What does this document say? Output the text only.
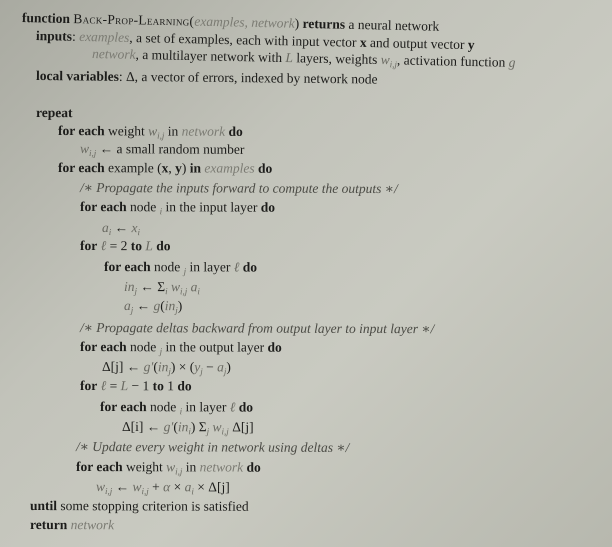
function Back-Prop-Learning(examples, network) returns a neural network
inputs: examples, a set of examples, each with input vector x and output vector y
network, a multilayer network with L layers, weights $w_{i,j}$, activation function g
local variables: Δ, a vector of errors, indexed by network node
repeat
for each weight $w_{i,j}$ in network do
$w_{i,j}$ ← a small random number
for each example (x, y) in examples do
/∗ Propagate the inputs forward to compute the outputs ∗/
for each node $_i$ in the input layer do
$a_i$ ← $x_i$
for ℓ = 2 to L do
for each node $_j$ in layer ℓ do
$in_j$ ← $\Sigma_i$ $w_{i,j}$ $a_i$
$a_j$ ← $g(in_j)$
/∗ Propagate deltas backward from output layer to input layer ∗/
for each node $_j$ in the output layer do
Δ[j] ← $g'(in_j) \times (y_j - a_j)$
for ℓ = L − 1 to 1 do
for each node $_i$ in layer ℓ do
Δ[i] ← $g'(in_i)$ $\Sigma_j$ $w_{i,j}$ Δ[j]
/∗ Update every weight in network using deltas ∗/
for each weight $w_{i,j}$ in network do
$w_{i,j}$ ← $w_{i,j} + \alpha \times a_i \times \Delta[j]$
until some stopping criterion is satisfied
return network
